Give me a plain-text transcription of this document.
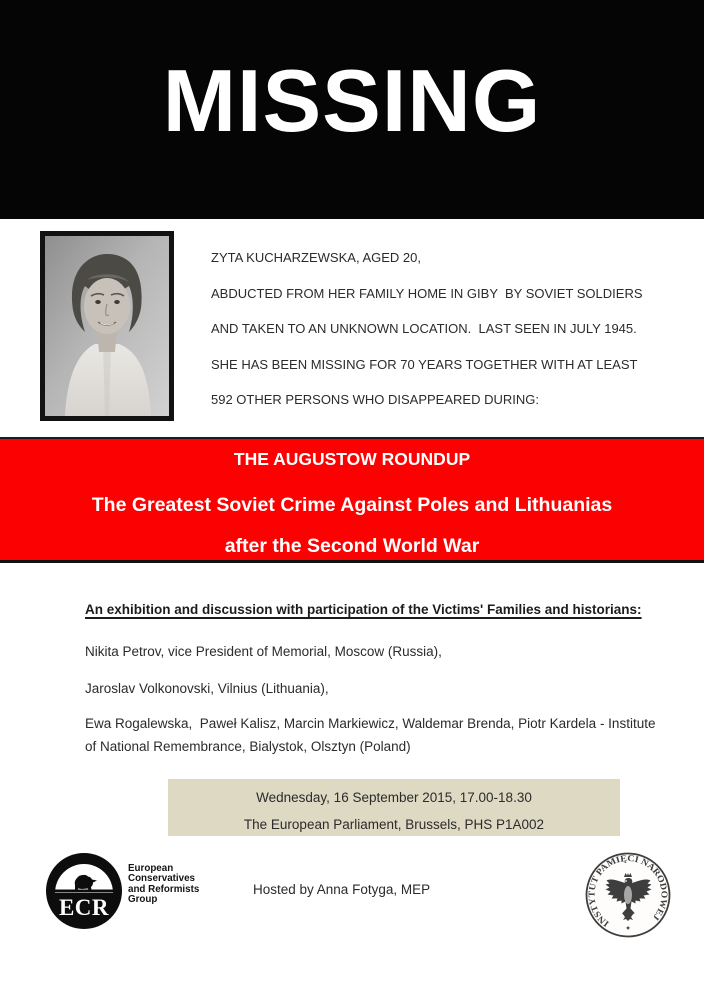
MISSING

ZYTA KUCHARZEWSKA, AGED 20,

ABDUCTED FROM HER FAMILY HOME IN GIBY  BY SOVIET SOLDIERS

AND TAKEN TO AN UNKNOWN LOCATION.  LAST SEEN IN JULY 1945.

SHE HAS BEEN MISSING FOR 70 YEARS TOGETHER WITH AT LEAST

592 OTHER PERSONS WHO DISAPPEARED DURING:

THE AUGUSTOW ROUNDUP
The Greatest Soviet Crime Against Poles and Lithuanias
after the Second World War

An exhibition and discussion with participation of the Victims' Families and historians:

Nikita Petrov, vice President of Memorial, Moscow (Russia),

Jaroslav Volkonovski, Vilnius (Lithuania),

Ewa Rogalewska,  Paweł Kalisz, Marcin Markiewicz, Waldemar Brenda, Piotr Kardela - Institute of National Remembrance, Bialystok, Olsztyn (Poland)

Wednesday, 16 September 2015, 17.00-18.30
The European Parliament, Brussels, PHS P1A002
ECR
European
Conservatives
and Reformists
Group

Hosted by Anna Fotyga, MEP

INSTYTUT PAMIĘCI NARODOWEJ
✦
